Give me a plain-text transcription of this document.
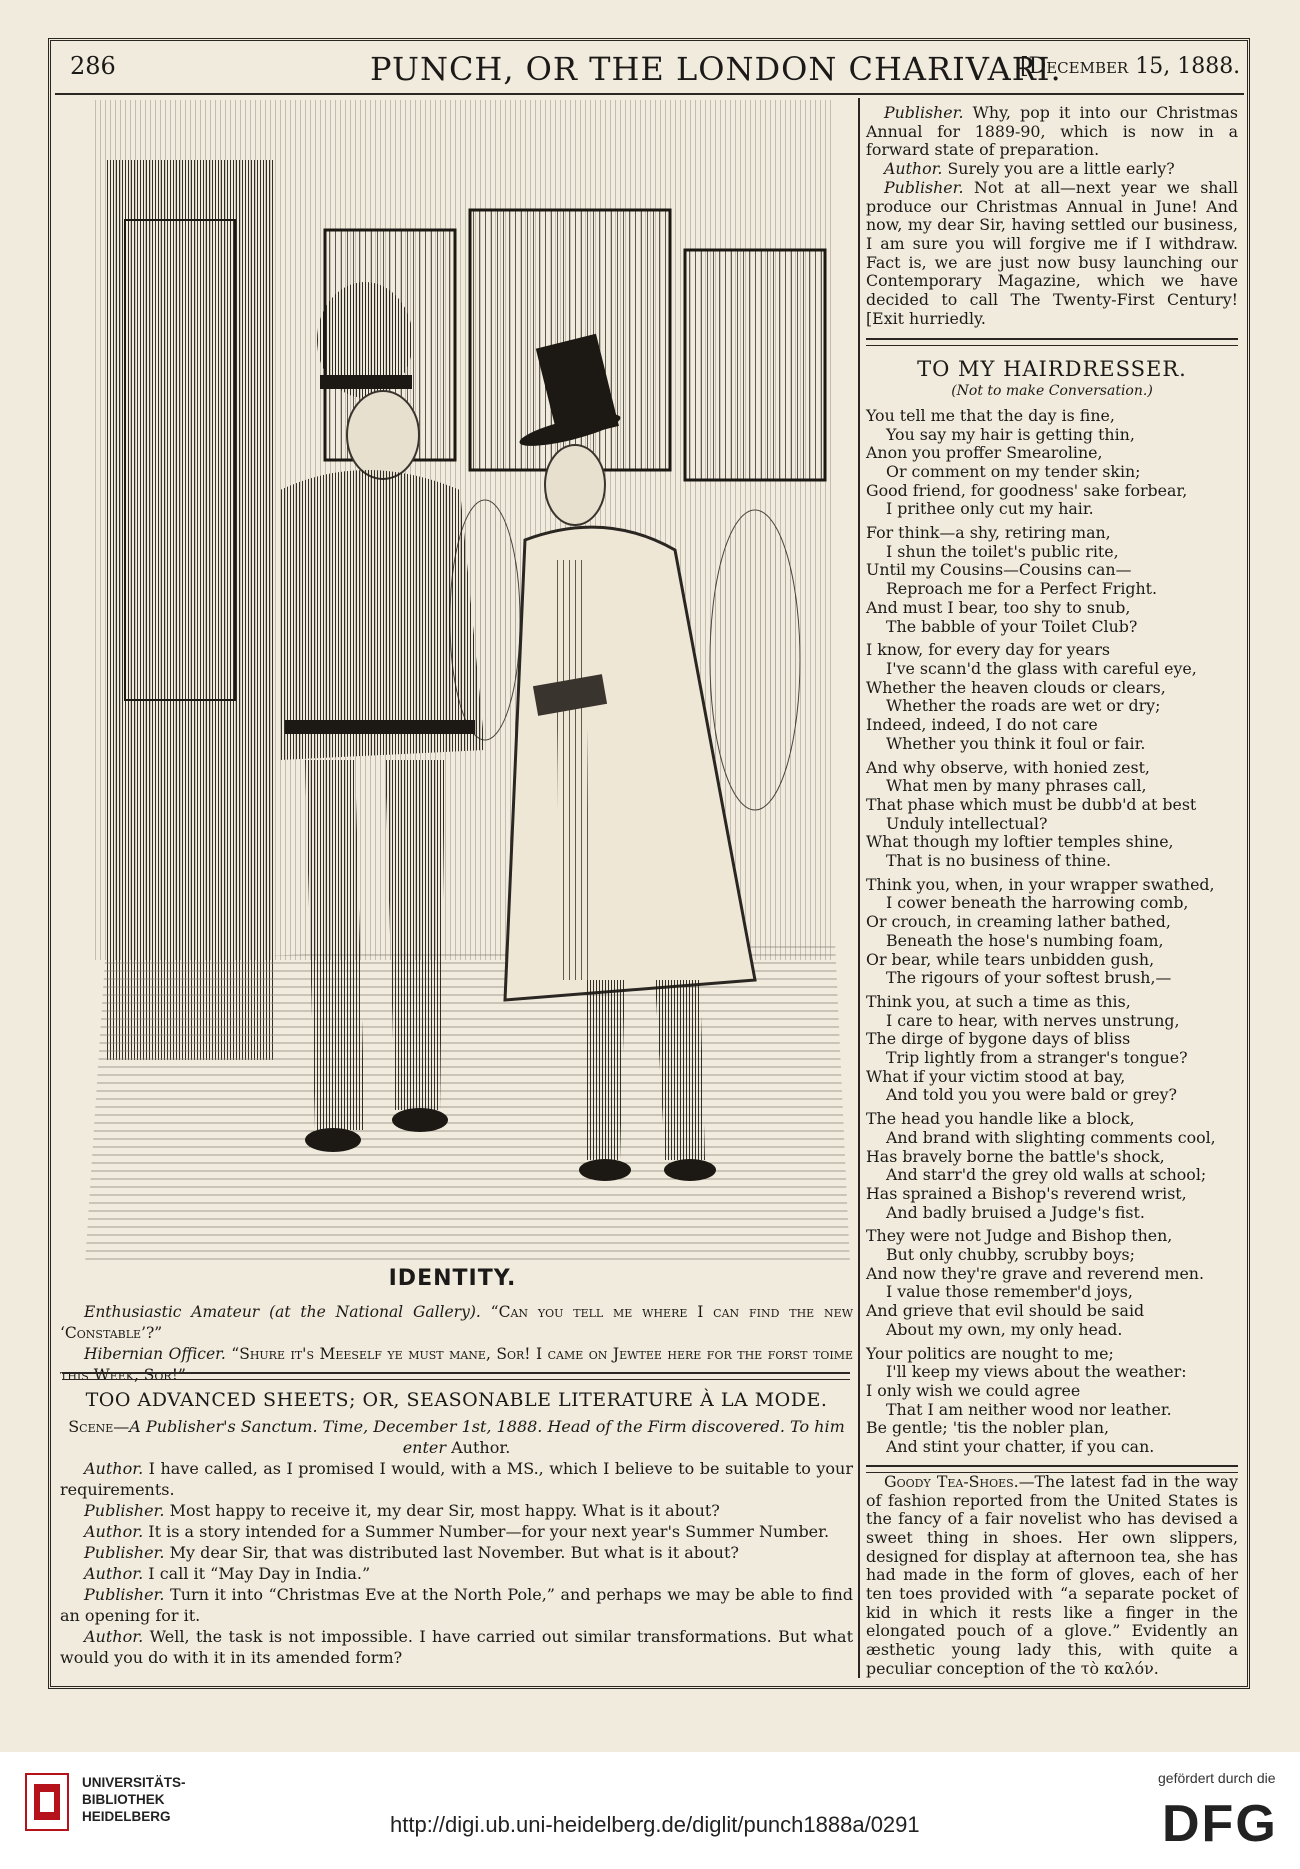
286	PUNCH, OR THE LONDON CHARIVARI.
[December 15, 1888.
IDENTITY.

Enthusiastic Amateur (at the National Gallery). “Can you tell me where I can find the new ‘Constable’?”

Hibernian Officer. “Shure it's Meeself ye must mane, Sor! I came on Jewtee here for the forst toime this Week, Sor!”

TOO ADVANCED SHEETS; OR, SEASONABLE LITERATURE À LA MODE.

Scene—A Publisher's Sanctum. Time, December 1st, 1888. Head of the Firm discovered. To him enter Author.

Author. I have called, as I promised I would, with a MS., which I believe to be suitable to your requirements.

Publisher. Most happy to receive it, my dear Sir, most happy. What is it about?

Author. It is a story intended for a Summer Number—for your next year's Summer Number.

Publisher. My dear Sir, that was distributed last November. But what is it about?

Author. I call it “May Day in India.”

Publisher. Turn it into “Christmas Eve at the North Pole,” and perhaps we may be able to find an opening for it.

Author. Well, the task is not impossible. I have carried out similar transformations. But what would you do with it in its amended form?

Publisher. Why, pop it into our Christmas Annual for 1889-90, which is now in a forward state of preparation.

Author. Surely you are a little early?

Publisher. Not at all—next year we shall produce our Christmas Annual in June! And now, my dear Sir, having settled our business, I am sure you will forgive me if I withdraw. Fact is, we are just now busy launching our Contemporary Magazine, which we have decided to call The Twenty-First Century! [Exit hurriedly.

TO MY HAIRDRESSER.
(Not to make Conversation.)
You tell me that the day is fine,
You say my hair is getting thin,
Anon you proffer Smearoline,
Or comment on my tender skin;
Good friend, for goodness' sake forbear,
I prithee only cut my hair.
For think—a shy, retiring man,
I shun the toilet's public rite,
Until my Cousins—Cousins can—
Reproach me for a Perfect Fright.
And must I bear, too shy to snub,
The babble of your Toilet Club?
I know, for every day for years
I've scann'd the glass with careful eye,
Whether the heaven clouds or clears,
Whether the roads are wet or dry;
Indeed, indeed, I do not care
Whether you think it foul or fair.
And why observe, with honied zest,
What men by many phrases call,
That phase which must be dubb'd at best
Unduly intellectual?
What though my loftier temples shine,
That is no business of thine.
Think you, when, in your wrapper swathed,
I cower beneath the harrowing comb,
Or crouch, in creaming lather bathed,
Beneath the hose's numbing foam,
Or bear, while tears unbidden gush,
The rigours of your softest brush,—
Think you, at such a time as this,
I care to hear, with nerves unstrung,
The dirge of bygone days of bliss
Trip lightly from a stranger's tongue?
What if your victim stood at bay,
And told you you were bald or grey?
The head you handle like a block,
And brand with slighting comments cool,
Has bravely borne the battle's shock,
And starr'd the grey old walls at school;
Has sprained a Bishop's reverend wrist,
And badly bruised a Judge's fist.
They were not Judge and Bishop then,
But only chubby, scrubby boys;
And now they're grave and reverend men.
I value those remember'd joys,
And grieve that evil should be said
About my own, my only head.
Your politics are nought to me;
I'll keep my views about the weather:
I only wish we could agree
That I am neither wood nor leather.
Be gentle; 'tis the nobler plan,
And stint your chatter, if you can.

Goody Tea-Shoes.—The latest fad in the way of fashion reported from the United States is the fancy of a fair novelist who has devised a sweet thing in shoes. Her own slippers, designed for display at afternoon tea, she has had made in the form of gloves, each of her ten toes provided with “a separate pocket of kid in which it rests like a finger in the elongated pouch of a glove.” Evidently an æsthetic young lady this, with quite a peculiar conception of the τὸ καλόν.

UNIVERSITÄTS-
BIBLIOTHEK
HEIDELBERG	http://digi.ub.uni-heidelberg.de/diglit/punch1888a/0291
gefördert durch die
DFG
